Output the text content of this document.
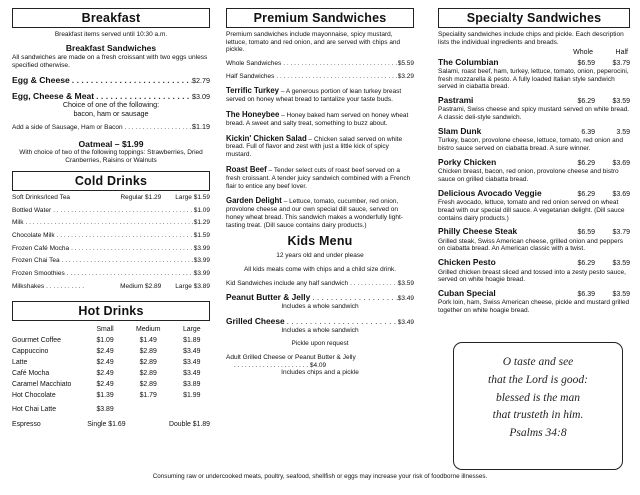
Breakfast
Breakfast items served until 10:30 a.m.
Breakfast Sandwiches
All sandwiches are made on a fresh croissant with two eggs unless specified otherwise.
Egg & Cheese . . .	$2.79
Egg, Cheese & Meat . . .	$3.09
Choice of one of the following:
bacon, ham or sausage
Add a side of Sausage, Ham or Bacon . . .	$1.19
Oatmeal – $1.99
With choice of two of the following toppings: Strawberries, Dried Cranberries, Raisins or Walnuts
Cold Drinks
Soft Drinks/Iced Tea	Regular $1.29 Large $1.59
Bottled Water . . .	$1.09
Milk . . .	$1.29
Chocolate Milk . . .	$1.59
Frozen Café Mocha . . .	$3.99
Frozen Chai Tea . . .	$3.99
Frozen Smoothies . . .	$3.99
Milkshakes . . .	Medium $2.89 Large $3.89
Hot Drinks
	Small	Medium	Large
Gourmet Coffee	$1.09	$1.49	$1.89
Cappuccino	$2.49	$2.89	$3.49
Latte	$2.49	$2.89	$3.49
Café Mocha	$2.49	$2.89	$3.49
Caramel Macchiato	$2.49	$2.89	$3.89
Hot Chocolate	$1.39	$1.79	$1.99
Hot Chai Latte	$3.89		
Espresso	Single $1.69	Double $1.89
Premium Sandwiches
Premium sandwiches include mayonnaise, spicy mustard, lettuce, tomato and red onion, and are served with chips and pickle.
Whole Sandwiches . . .	$5.59
Half Sandwiches . . .	$3.29
Terrific Turkey – A generous portion of lean turkey breast served on honey wheat bread to tantalize your taste buds.
The Honeybee – Honey baked ham served on honey wheat bread. A sweet and salty treat, something to buzz about.
Kickin' Chicken Salad – Chicken salad served on white bread. Full of flavor and zest with just a little kick of spicy mustard.
Roast Beef – Tender select cuts of roast beef served on a fresh croissant. A tender juicy sandwich combined with a French flair to entice any beef lover.
Garden Delight – Lettuce, tomato, cucumber, red onion, provolone cheese and our own special dill sauce, served on honey wheat bread. This sandwich makes a wonderfully light-tasting treat. (Dill sauce contains dairy products.)
Kids Menu
12 years old and under please
All kids meals come with chips and a child size drink.
Kid Sandwiches include any half sandwich . . .	$3.59
Peanut Butter & Jelly . . .	$3.49
Includes a whole sandwich
Grilled Cheese . . .	$3.49
Includes a whole sandwich
Pickle upon request
Adult Grilled Cheese or Peanut Butter & Jelly
. . . . . . . . . . . . . . . . . . . . . $4.09
Includes chips and a pickle
Specialty Sandwiches
Speciality sandwiches include chips and pickle. Each description lists the individual ingredients and breads.
Whole	Half
The Columbian	$6.59	$3.79
Salami, roast beef, ham, turkey, lettuce, tomato, onion, peperocini, fresh mozzarella & pesto. A fully loaded Italian style sandwich served in ciabatta bread.
Pastrami	$6.29	$3.59
Pastrami, Swiss cheese and spicy mustard served on white bread. A classic deli-style sandwich.
Slam Dunk	6.39	3.59
Turkey, bacon, provolone cheese, lettuce, tomato, red onion and bistro sauce served on ciabatta bread. A sure winner.
Porky Chicken	$6.29	$3.69
Chicken breast, bacon, red onion, provolone cheese and bistro sauce on grilled ciabatta bread.
Delicious Avocado Veggie	$6.29	$3.69
Fresh avocado, lettuce, tomato and red onion served on wheat bread with our special dill sauce. A vegetarian delight. (Dill sauce contains dairy products.)
Philly Cheese Steak	$6.59	$3.79
Grilled steak, Swiss American cheese, grilled onion and peppers on ciabatta bread. An American classic with a twist.
Chicken Pesto	$6.29	$3.59
Grilled chicken breast sliced and tossed into a zesty pesto sauce, served on white hoagie bread.
Cuban Special	$6.39	$3.59
Pork loin, ham, Swiss American cheese, pickle and mustard grilled together on white hoagie bread.
O taste and see
that the Lord is good:
blessed is the man
that trusteth in him.
Psalms 34:8
Consuming raw or undercooked meats, poultry, seafood, shellfish or eggs may increase your risk of foodborne illnesses.
